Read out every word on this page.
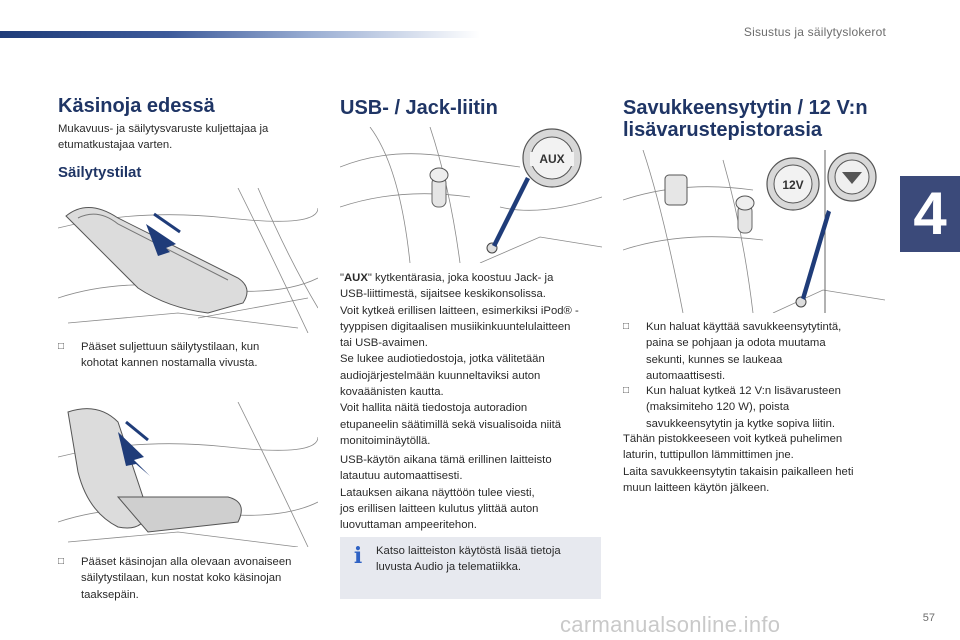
Sisustus ja säilytyslokerot
4
Käsinoja edessä
Mukavuus- ja säilytysvaruste kuljettajaa ja
etumatkustajaa varten.
Säilytystilat
□ Pääset suljettuun säilytystilaan, kun
kohotat kannen nostamalla vivusta.
□ Pääset käsinojan alla olevaan avonaiseen
säilytystilaan, kun nostat koko käsinojan
taaksepäin.
USB- / Jack-liitin
AUX
"AUX" kytkentärasia, joka koostuu Jack- ja
USB-liittimestä, sijaitsee keskikonsolissa.
Voit kytkeä erillisen laitteen, esimerkiksi iPod® -
tyyppisen digitaalisen musiikinkuuntelulaitteen
tai USB-avaimen.
Se lukee audiotiedostoja, jotka välitetään
audiojärjestelmään kuunneltaviksi auton
kovaäänisten kautta.
Voit hallita näitä tiedostoja autoradion
etupaneelin säätimillä sekä visualisoida niitä
monitoiminäytöllä.
USB-käytön aikana tämä erillinen laitteisto
latautuu automaattisesti.
Latauksen aikana näyttöön tulee viesti,
jos erillisen laitteen kulutus ylittää auton
luovuttaman ampeeritehon.
i	Katso laitteiston käytöstä lisää tietoja
luvusta Audio ja telematiikka.
Savukkeensytytin / 12 V:n
lisävarustepistorasia
12V
□ Kun haluat käyttää savukkeensytytintä,
paina se pohjaan ja odota muutama
sekunti, kunnes se laukeaa
automaattisesti.
□ Kun haluat kytkeä 12 V:n lisävarusteen
(maksimiteho 120 W), poista
savukkeensytytin ja kytke sopiva liitin.
Tähän pistokkeeseen voit kytkeä puhelimen
laturin, tuttipullon lämmittimen jne.
Laita savukkeensytytin takaisin paikalleen heti
muun laitteen käytön jälkeen.
carmanualsonline.info	57
